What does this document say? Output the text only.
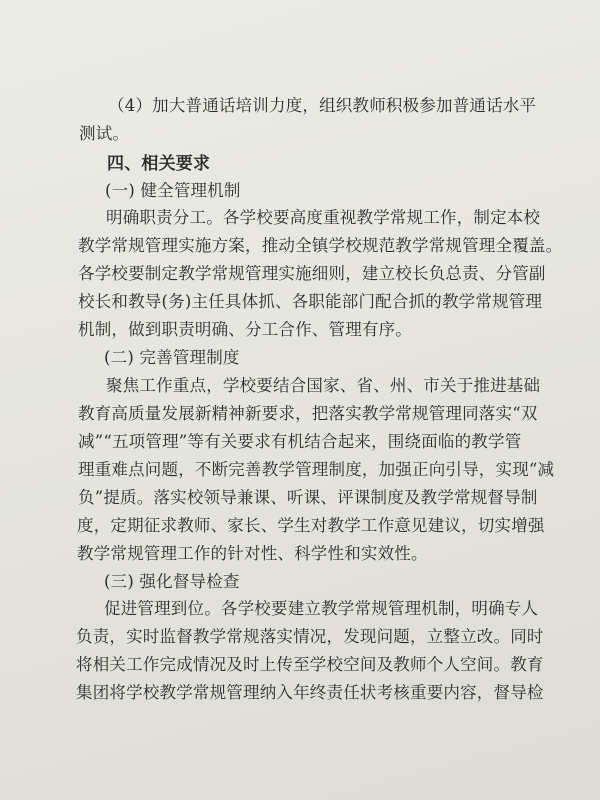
（4）加大普通话培训力度，组织教师积极参加普通话水平
测试。
四、相关要求
(一) 健全管理机制
明确职责分工。各学校要高度重视教学常规工作，制定本校
教学常规管理实施方案，推动全镇学校规范教学常规管理全覆盖。
各学校要制定教学常规管理实施细则，建立校长负总责、分管副
校长和教导(务)主任具体抓、各职能部门配合抓的教学常规管理
机制，做到职责明确、分工合作、管理有序。
(二) 完善管理制度
聚焦工作重点，学校要结合国家、省、州、市关于推进基础
教育高质量发展新精神新要求，把落实教学常规管理同落实“双
减”“五项管理”等有关要求有机结合起来，围绕面临的教学管
理重难点问题，不断完善教学管理制度，加强正向引导，实现“减
负”提质。落实校领导兼课、听课、评课制度及教学常规督导制
度，定期征求教师、家长、学生对教学工作意见建议，切实增强
教学常规管理工作的针对性、科学性和实效性。
(三) 强化督导检查
促进管理到位。各学校要建立教学常规管理机制，明确专人
负责，实时监督教学常规落实情况，发现问题，立整立改。同时
将相关工作完成情况及时上传至学校空间及教师个人空间。教育
集团将学校教学常规管理纳入年终责任状考核重要内容，督导检
